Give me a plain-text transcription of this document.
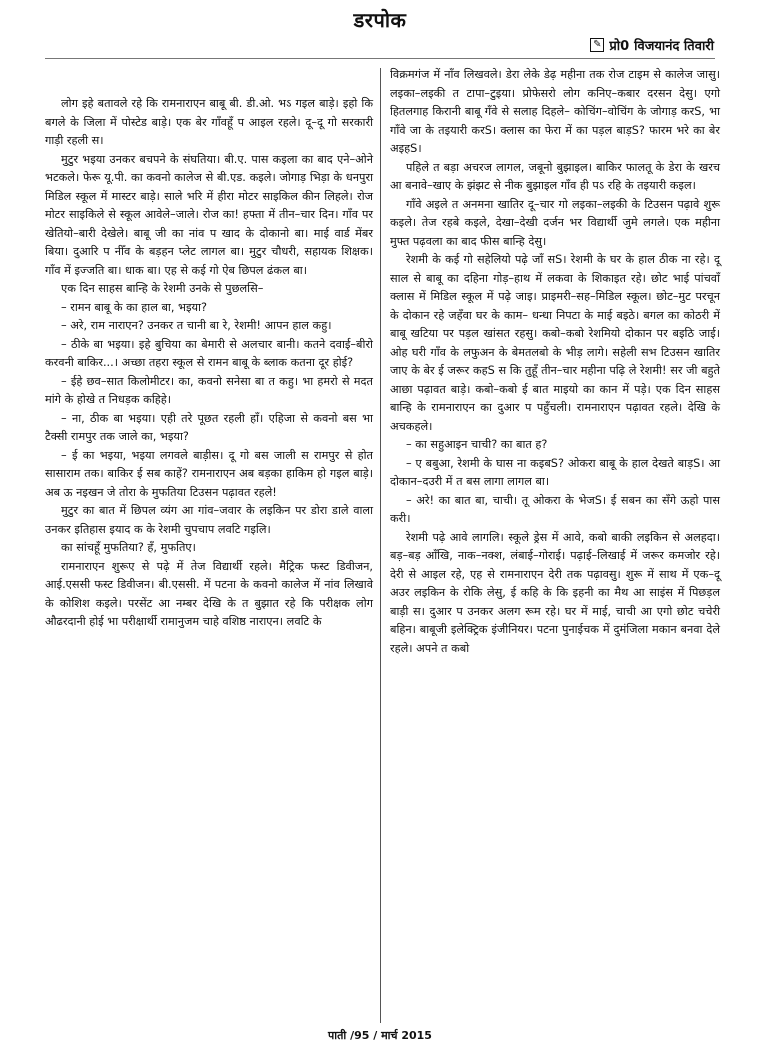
डरपोक
✎ प्रो0 विजयानंद तिवारी

लोग इहे बतावले रहे कि रामनाराएन बाबू बी. डी.ओ. भऽ गइल बाड़े। इहो कि बगले के जिला में पोस्टेड बाड़े। एक बेर गाँवहूँ प आइल रहले। दू–दू गो सरकारी गाड़ी रहली स।

मुटुर भइया उनकर बचपने के संघतिया। बी.ए. पास कइला का बाद एने–ओने भटकले। फेरू यू.पी. का कवनो कालेज से बी.एड. कइले। जोगाड़ भिड़ा के धनपुरा मिडिल स्कूल में मास्टर बाड़े। साले भरि में हीरा मोटर साइकिल कीन लिहले। रोज मोटर साइकिले से स्कूल आवेले–जाले। रोज का! हफ्ता में तीन–चार दिन। गाँव पर खेतियो–बारी देखेले। बाबू जी का नांव प खाद के दोकानो बा। माई वार्ड मेंबर बिया। दुआरि प नीँव के बड़हन प्लेट लागल बा। मुटुर चौधरी, सहायक शिक्षक। गाँव में इज्जति बा। धाक बा। एह से कई गो ऐब छिपल ढंकल बा।

एक दिन साहस बान्हि के रेशमी उनके से पुछलसि–

– रामन बाबू के का हाल बा, भइया?

– अरे, राम नाराएन? उनकर त चानी बा रे, रेशमी! आपन हाल कहु।

– ठीके बा भइया। इहे बुचिया का बेमारी से अलचार बानी। कतने दवाई–बीरो करवनी बाकिर...। अच्छा तहरा स्कूल से रामन बाबू के ब्लाक कतना दूर होई?

– ईहे छव–सात किलोमीटर। का, कवनो सनेसा बा त कहु। भा हमरो से मदत मांगे के होखे त निधड़क कहिहे।

– ना, ठीक बा भइया। एही तरे पूछत रहली हाँ। एहिजा से कवनो बस भा टैक्सी रामपुर तक जाले का, भइया?

– ई का भइया, भइया लगवले बाड़ीस। दू गो बस जाली स रामपुर से होत सासाराम तक। बाकिर ई सब काहें? रामनाराएन अब बड़का हाकिम हो गइल बाड़े। अब ऊ नइखन जे तोरा के मुफतिया टिउसन पढ़ावत रहले!

मुटुर का बात में छिपल व्यंग आ गांव–जवार के लइकिन पर डोरा डाले वाला उनकर इतिहास इयाद क के रेशमी चुपचाप लवटि गइलि।

का सांचहूँ मुफतिया? हँ, मुफतिए।

रामनाराएन शुरूए से पढ़े में तेज विद्यार्थी रहले। मैट्रिक फस्ट डिवीजन, आई.एससी फस्ट डिवीजन। बी.एससी. में पटना के कवनो कालेज में नांव लिखावे के कोशिश कइले। परसेंट आ नम्बर देखि के त बुझात रहे कि परीक्षक लोग औढरदानी होई भा परीक्षार्थी रामानुजम चाहे वशिष्ठ नाराएन। लवटि के

विक्रमगंज में नाँव लिखवले। डेरा लेके डेढ़ महीना तक रोज टाइम से कालेज जासु। लइका–लइकी त टापा–टुइया। प्रोफेसरो लोग कनिए–कबार दरसन देसु। एगो हितलगाह किरानी बाबू गँवे से सलाह दिहले– कोचिंग–वोचिंग के जोगाड़ करS, भा गाँवे जा के तइयारी करS। क्लास का फेरा में का पड़ल बाड़S? फारम भरे का बेर अइहS।

पहिले त बड़ा अचरज लागल, जबूनो बुझाइल। बाकिर फालतू के डेरा के खरच आ बनावे–खाए के झंझट से नीक बुझाइल गाँव ही पऽ रहि के तइयारी कइल।

गाँवे अइले त अनमना खातिर दू–चार गो लइका–लइकी के टिउसन पढ़ावे शुरू कइले। तेज रहबे कइले, देखा–देखी दर्जन भर विद्यार्थी जुमे लगले। एक महीना मुफ्त पढ़वला का बाद फीस बान्हि देसु।

रेशमी के कई गो सहेलियो पढ़े जाँ सS। रेशमी के घर के हाल ठीक ना रहे। दू साल से बाबू का दहिना गोड़–हाथ में लकवा के शिकाइत रहे। छोट भाई पांचवाँ क्लास में मिडिल स्कूल में पढ़े जाइ। प्राइमरी–सह–मिडिल स्कूल। छोट–मुट परचून के दोकान रहे जहँवा घर के काम– धन्धा निपटा के माई बइठे। बगल का कोठरी में बाबू खटिया पर पड़ल खांसत रहसु। कबो–कबो रेशमियो दोकान पर बइठि जाई। ओह घरी गाँव के लफुअन के बेमतलबो के भीड़ लागे। सहेली सभ टिउसन खातिर जाए के बेर ई जरूर कहS स कि तुहूँ तीन–चार महीना पढ़ि ले रेशमी! सर जी बहुते आछा पढ़ावत बाड़े। कबो–कबो ई बात माइयो का कान में पड़े। एक दिन साहस बान्हि के रामनाराएन का दुआर प पहुँचली। रामनाराएन पढ़ावत रहले। देखि के अचकहले।

– का सहुआइन चाची? का बात ह?

– ए बबुआ, रेशमी के घास ना कइबS? ओकरा बाबू के हाल देखते बाड़S। आ दोकान–दउरी में त बस लागा लागल बा।

– अरे! का बात बा, चाची। तू ओकरा के भेजS। ई सबन का सँगे ऊहो पास करी।

रेशमी पढ़े आवे लागलि। स्कूले ड्रेस में आवे, कबो बाकी लइकिन से अलहदा। बड़–बड़ आँखि, नाक–नक्श, लंबाई–गोराई। पढ़ाई–लिखाई में जरूर कमजोर रहे। देरी से आइल रहे, एह से रामनाराएन देरी तक पढ़ावसु। शुरू में साथ में एक–दू अउर लइकिन के रोकि लेसु, ई कहि के कि इहनी का मैथ आ साइंस में पिछड़ल बाड़ी स। दुआर प उनकर अलग रूम रहे। घर में माई, चाची आ एगो छोट चचेरी बहिन। बाबूजी इलेक्ट्रिक इंजीनियर। पटना पुनाईचक में दुमंजिला मकान बनवा देले रहले। अपने त कबो

पाती /95 / मार्च 2015
